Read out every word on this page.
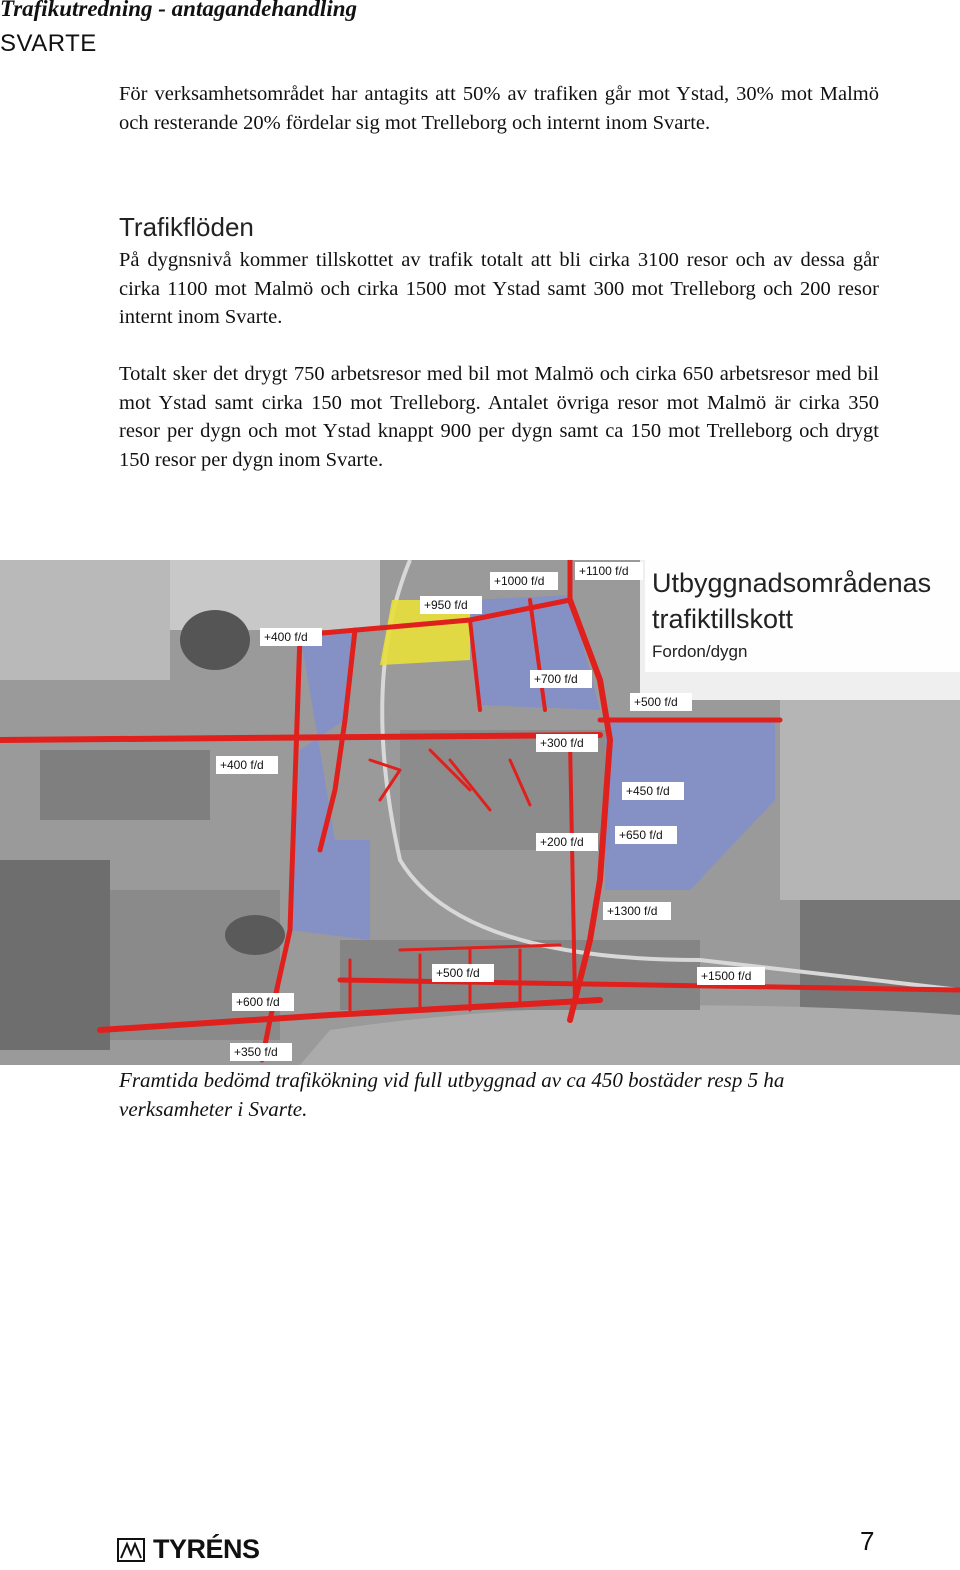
Trafikutredning - antagandehandling
SVARTE

För verksamhetsområdet har antagits att 50% av trafiken går mot Ystad, 30% mot Malmö och resterande 20% fördelar sig mot Trelleborg och internt inom Svarte.

Trafikflöden

På dygnsnivå kommer tillskottet av trafik totalt att bli cirka 3100 resor och av dessa går cirka 1100 mot Malmö och cirka 1500 mot Ystad samt 300 mot Trelleborg och 200 resor internt inom Svarte.

Totalt sker det drygt 750 arbetsresor med bil mot Malmö och cirka 650 arbetsresor med bil mot Ystad samt cirka 150 mot Trelleborg. Antalet övriga resor mot Malmö är cirka 350 resor per dygn och mot Ystad knappt 900 per dygn samt ca 150 mot Trelleborg och drygt 150 resor per dygn inom Svarte.

+1100 f/d
+1000 f/d
+950 f/d
+400 f/d
+700 f/d
+500 f/d
+300 f/d
+400 f/d
+450 f/d
+650 f/d
+200 f/d
+1300 f/d
+500 f/d	+1500 f/d
+600 f/d
+350 f/d
Utbyggnadsområdenas
trafiktillskott
Fordon/dygn

Framtida bedömd trafikökning vid full utbyggnad av ca 450 bostäder resp 5 ha verksamheter i Svarte.

TYRÉNS	7
